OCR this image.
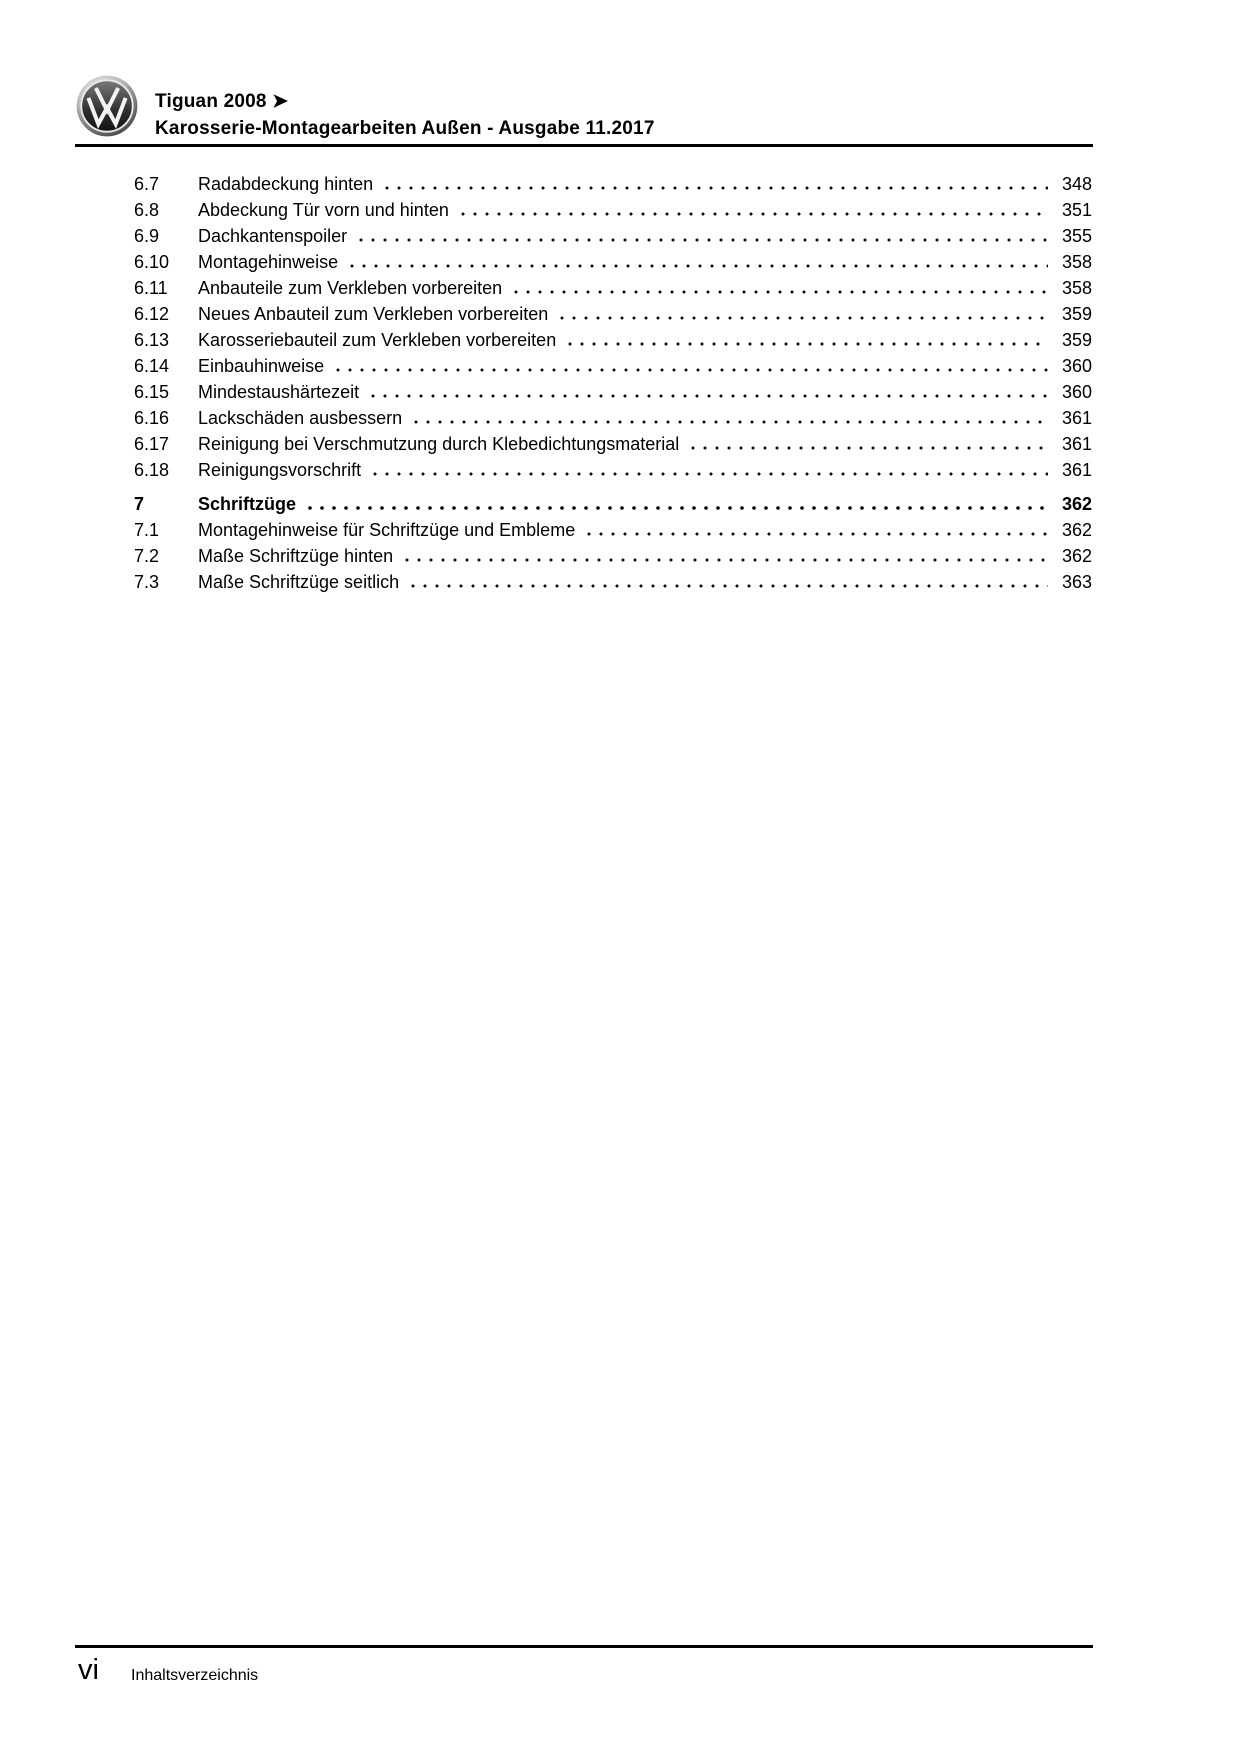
Tiguan 2008 ➤
Karosserie-Montagearbeiten Außen - Ausgabe 11.2017
6.7	Radabdeckung hinten	348
6.8	Abdeckung Tür vorn und hinten	351
6.9	Dachkantenspoiler	355
6.10	Montagehinweise	358
6.11	Anbauteile zum Verkleben vorbereiten	358
6.12	Neues Anbauteil zum Verkleben vorbereiten	359
6.13	Karosseriebauteil zum Verkleben vorbereiten	359
6.14	Einbauhinweise	360
6.15	Mindestaushärtezeit	360
6.16	Lackschäden ausbessern	361
6.17	Reinigung bei Verschmutzung durch Klebedichtungsmaterial	361
6.18	Reinigungsvorschrift	361
7	Schriftzüge	362
7.1	Montagehinweise für Schriftzüge und Embleme	362
7.2	Maße Schriftzüge hinten	362
7.3	Maße Schriftzüge seitlich	363
vi Inhaltsverzeichnis
